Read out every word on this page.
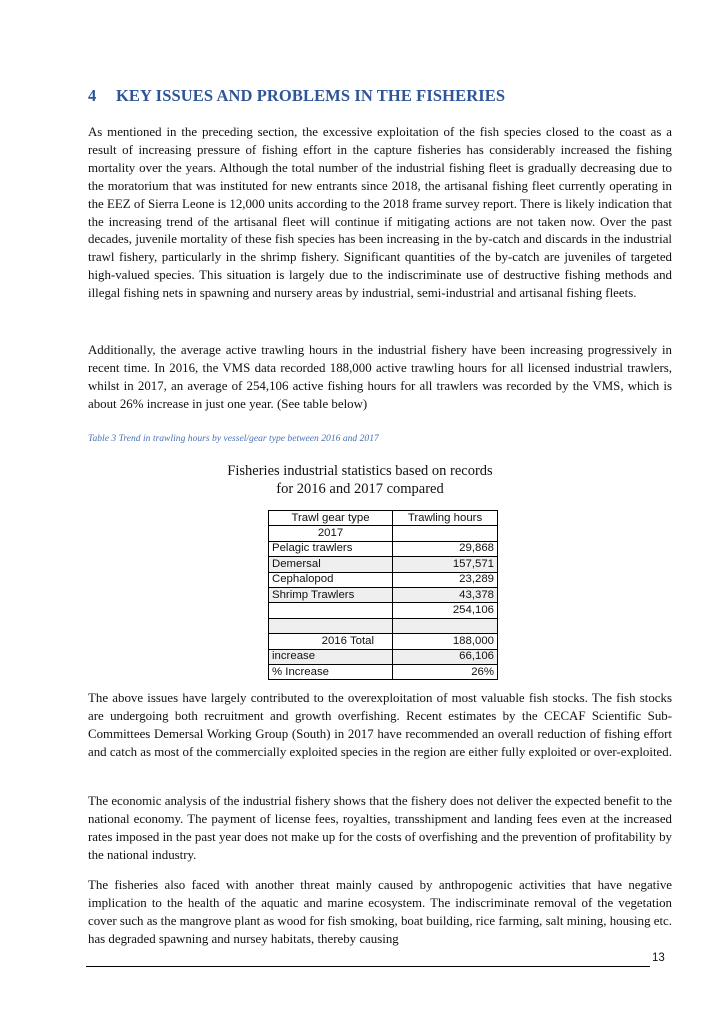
4 KEY ISSUES AND PROBLEMS IN THE FISHERIES

As mentioned in the preceding section, the excessive exploitation of the fish species closed to the coast as a result of increasing pressure of fishing effort in the capture fisheries has considerably increased the fishing mortality over the years. Although the total number of the industrial fishing fleet is gradually decreasing due to the moratorium that was instituted for new entrants since 2018, the artisanal fishing fleet currently operating in the EEZ of Sierra Leone is 12,000 units according to the 2018 frame survey report. There is likely indication that the increasing trend of the artisanal fleet will continue if mitigating actions are not taken now. Over the past decades, juvenile mortality of these fish species has been increasing in the by-catch and discards in the industrial trawl fishery, particularly in the shrimp fishery. Significant quantities of the by-catch are juveniles of targeted high-valued species. This situation is largely due to the indiscriminate use of destructive fishing methods and illegal fishing nets in spawning and nursery areas by industrial, semi-industrial and artisanal fishing fleets.

Additionally, the average active trawling hours in the industrial fishery have been increasing progressively in recent time. In 2016, the VMS data recorded 188,000 active trawling hours for all licensed industrial trawlers, whilst in 2017, an average of 254,106 active fishing hours for all trawlers was recorded by the VMS, which is about 26% increase in just one year. (See table below)

Table 3 Trend in trawling hours by vessel/gear type between 2016 and 2017
Fisheries industrial statistics based on records
for 2016 and 2017 compared
Trawl gear type	Trawling hours
2017	
Pelagic trawlers	29,868
Demersal	157,571
Cephalopod	23,289
Shrimp Trawlers	43,378
	254,106

2016 Total	188,000
increase	66,106
% Increase	26%

The above issues have largely contributed to the overexploitation of most valuable fish stocks. The fish stocks are undergoing both recruitment and growth overfishing. Recent estimates by the CECAF Scientific Sub-Committees Demersal Working Group (South) in 2017 have recommended an overall reduction of fishing effort and catch as most of the commercially exploited species in the region are either fully exploited or over-exploited.

The economic analysis of the industrial fishery shows that the fishery does not deliver the expected benefit to the national economy. The payment of license fees, royalties, transshipment and landing fees even at the increased rates imposed in the past year does not make up for the costs of overfishing and the prevention of profitability by the national industry.

The fisheries also faced with another threat mainly caused by anthropogenic activities that have negative implication to the health of the aquatic and marine ecosystem. The indiscriminate removal of the vegetation cover such as the mangrove plant as wood for fish smoking, boat building, rice farming, salt mining, housing etc. has degraded spawning and nursey habitats, thereby causing

13
